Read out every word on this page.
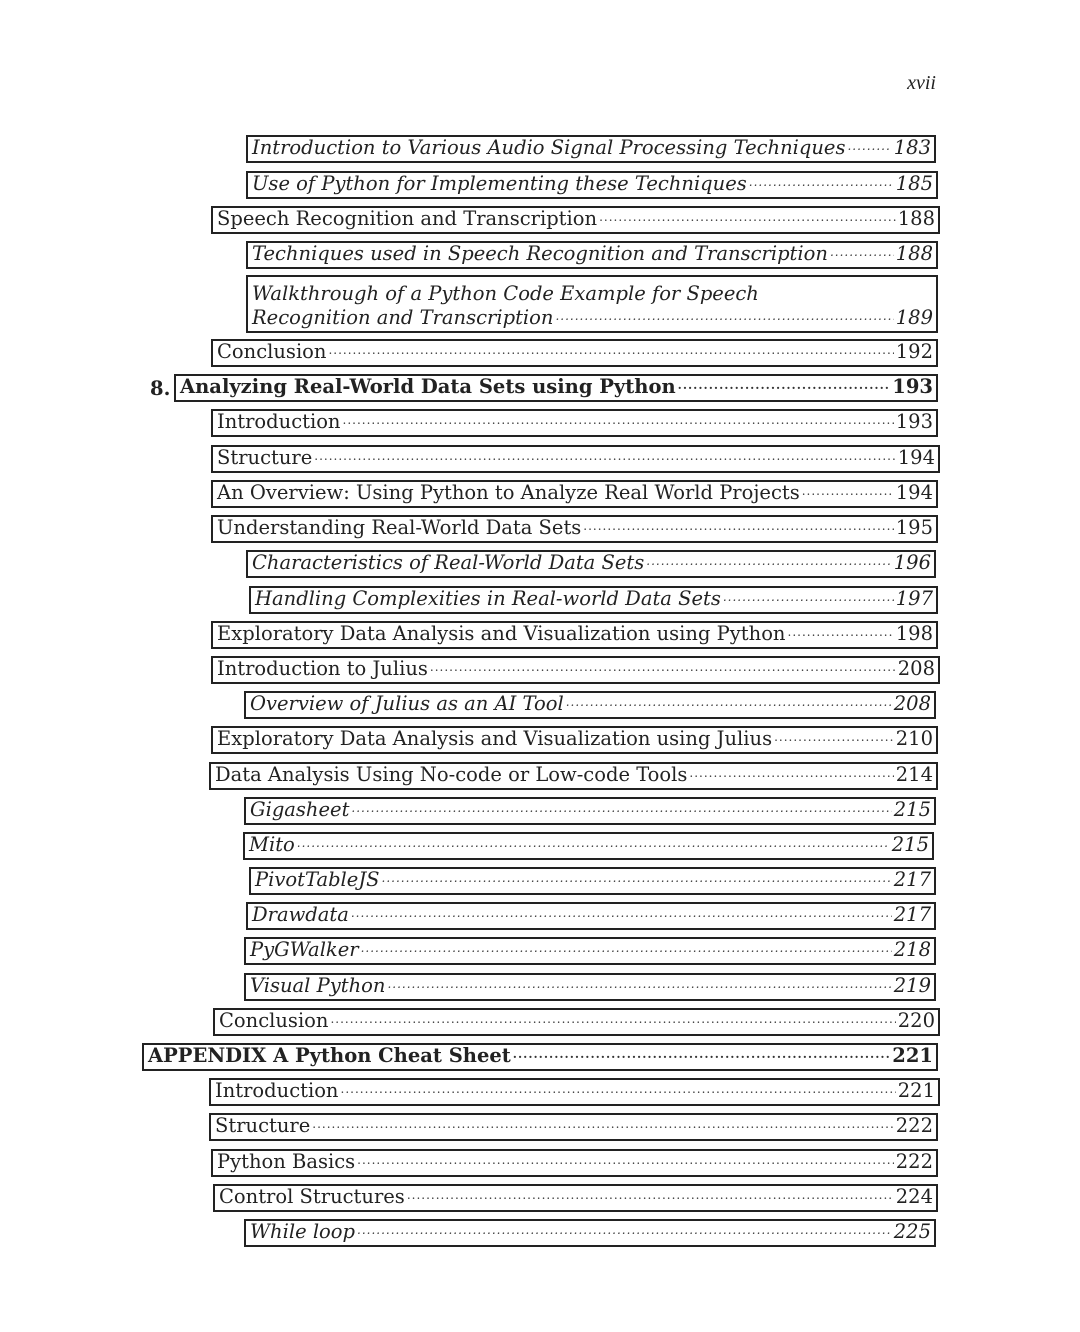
xvii
8.
Introduction to Various Audio Signal Processing Techniques ..... 183
Use of Python for Implementing these Techniques .....	185
Speech Recognition and Transcription .....	188
Techniques used in Speech Recognition and Transcription .....	188
Walkthrough of a Python Code Example for Speech
Recognition and Transcription .....	189
Conclusion .....	192
Analyzing Real-World Data Sets using Python .....	193
Introduction .....	193
Structure .....	194
An Overview: Using Python to Analyze Real World Projects .....	194
Understanding Real-World Data Sets .....	195
Characteristics of Real-World Data Sets .....	196
Handling Complexities in Real-world Data Sets .....	197
Exploratory Data Analysis and Visualization using Python .....	198
Introduction to Julius .....	208
Overview of Julius as an AI Tool .....	208
Exploratory Data Analysis and Visualization using Julius .....	210
Data Analysis Using No-code or Low-code Tools .....	214
Gigasheet .....	215
Mito .....	215
PivotTableJS .....	217
Drawdata .....	217
PyGWalker .....	218
Visual Python .....	219
Conclusion .....	220
APPENDIX A Python Cheat Sheet .....	221
Introduction .....	221
Structure .....	222
Python Basics .....	222
Control Structures .....	224
While loop .....	225
